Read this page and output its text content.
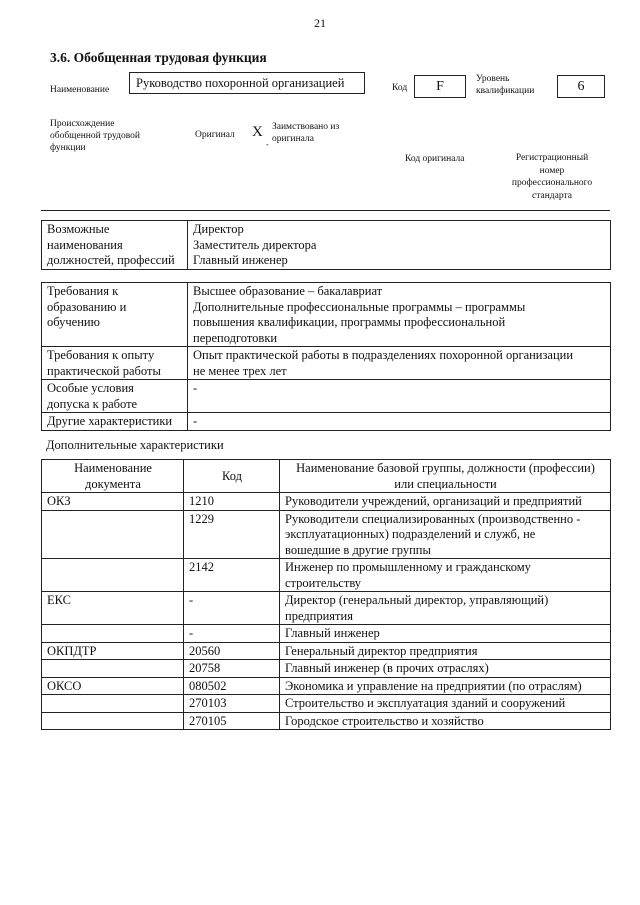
21
3.6. Обобщенная трудовая функция
Наименование	Руководство похоронной организацией	Код	F	Уровень
квалификации	6
Происхождение
обобщенной трудовой
функции
Оригинал X
-
Заимствовано из
оригинала
Код оригинала	Регистрационный
номер
профессионального
стандарта
Возможные
наименования
должностей, профессий

Директор
Заместитель директора
Главный инженер
Требования к
образованию и
обучению	Высшее образование – бакалавриат
Дополнительные профессиональные программы – программы
повышения квалификации, программы профессиональной
переподготовки

Требования к опыту
практической работы	Опыт практической работы в подразделениях похоронной организации
не менее трех лет

Особые условия
допуска к работе	-

Другие характеристики	-
Дополнительные характеристики
Наименование
документа	Код	Наименование базовой группы, должности (профессии)
или специальности

ОКЗ	1210	Руководители учреждений, организаций и предприятий

	1229	Руководители специализированных (производственно -
эксплуатационных) подразделений и служб, не
вошедшие в другие группы

	2142	Инженер по промышленному и гражданскому
строительству

ЕКС	-	Директор (генеральный директор, управляющий)
предприятия

	-	Главный инженер

ОКПДТР	20560	Генеральный директор предприятия

	20758	Главный инженер (в прочих отраслях)

ОКСО	080502	Экономика и управление на предприятии (по отраслям)

	270103	Строительство и эксплуатация зданий и сооружений

	270105	Городское строительство и хозяйство
